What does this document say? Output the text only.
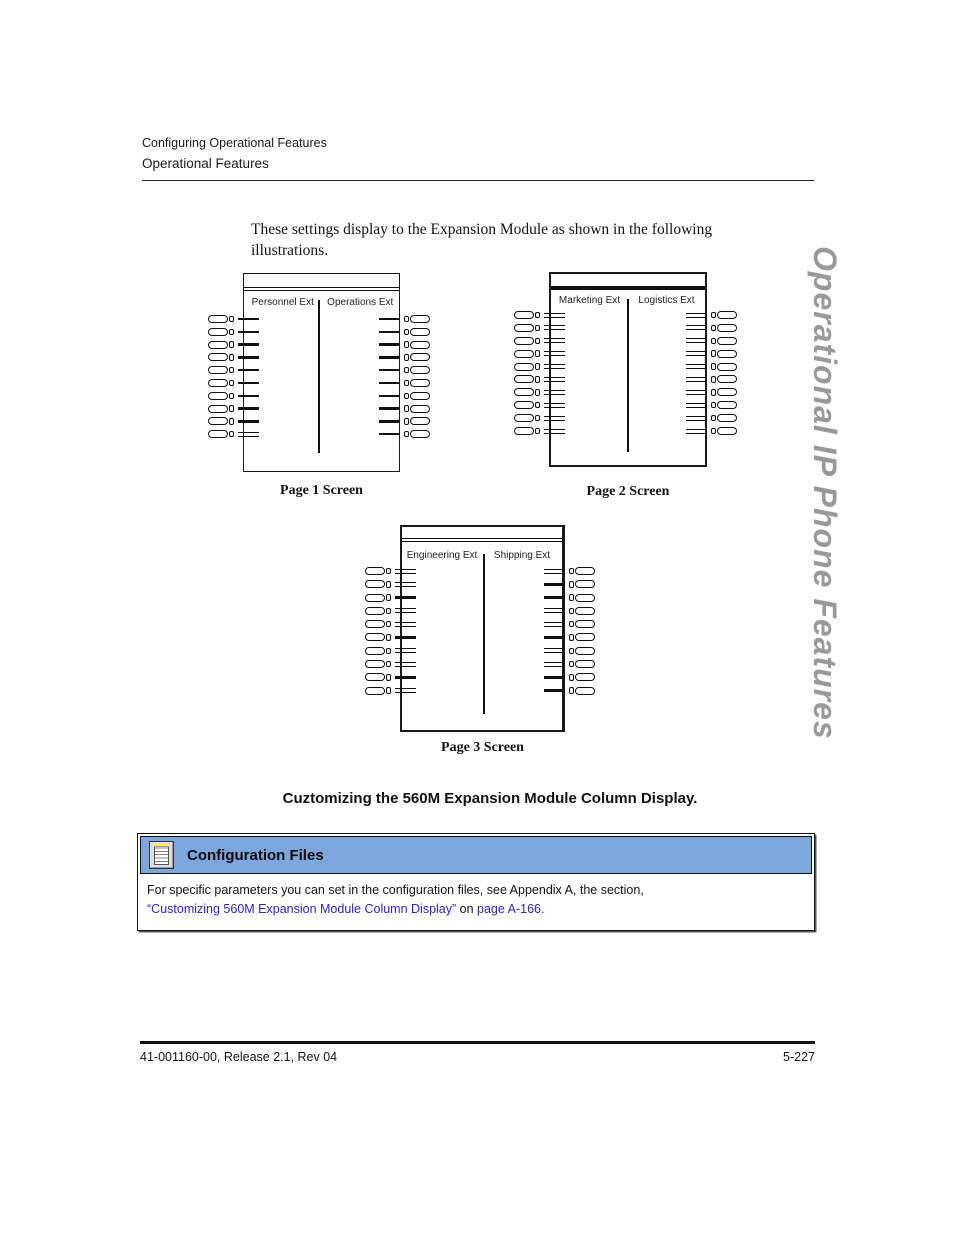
Configuring Operational Features
Operational Features

These settings display to the Expansion Module as shown in the following illustrations.

Personnel Ext	Operations Ext
Page 1 Screen
Marketing Ext	Logistics Ext
Page 2 Screen
Engineering Ext	Shipping Ext
Page 3 Screen
Cuztomizing the 560M Expansion Module Column Display.
Configuration Files
For specific parameters you can set in the configuration files, see Appendix A, the section,
“Customizing 560M Expansion Module Column Display” on page A-166.
41-001160-00, Release 2.1, Rev 04	5-227
Operational IP Phone Features
